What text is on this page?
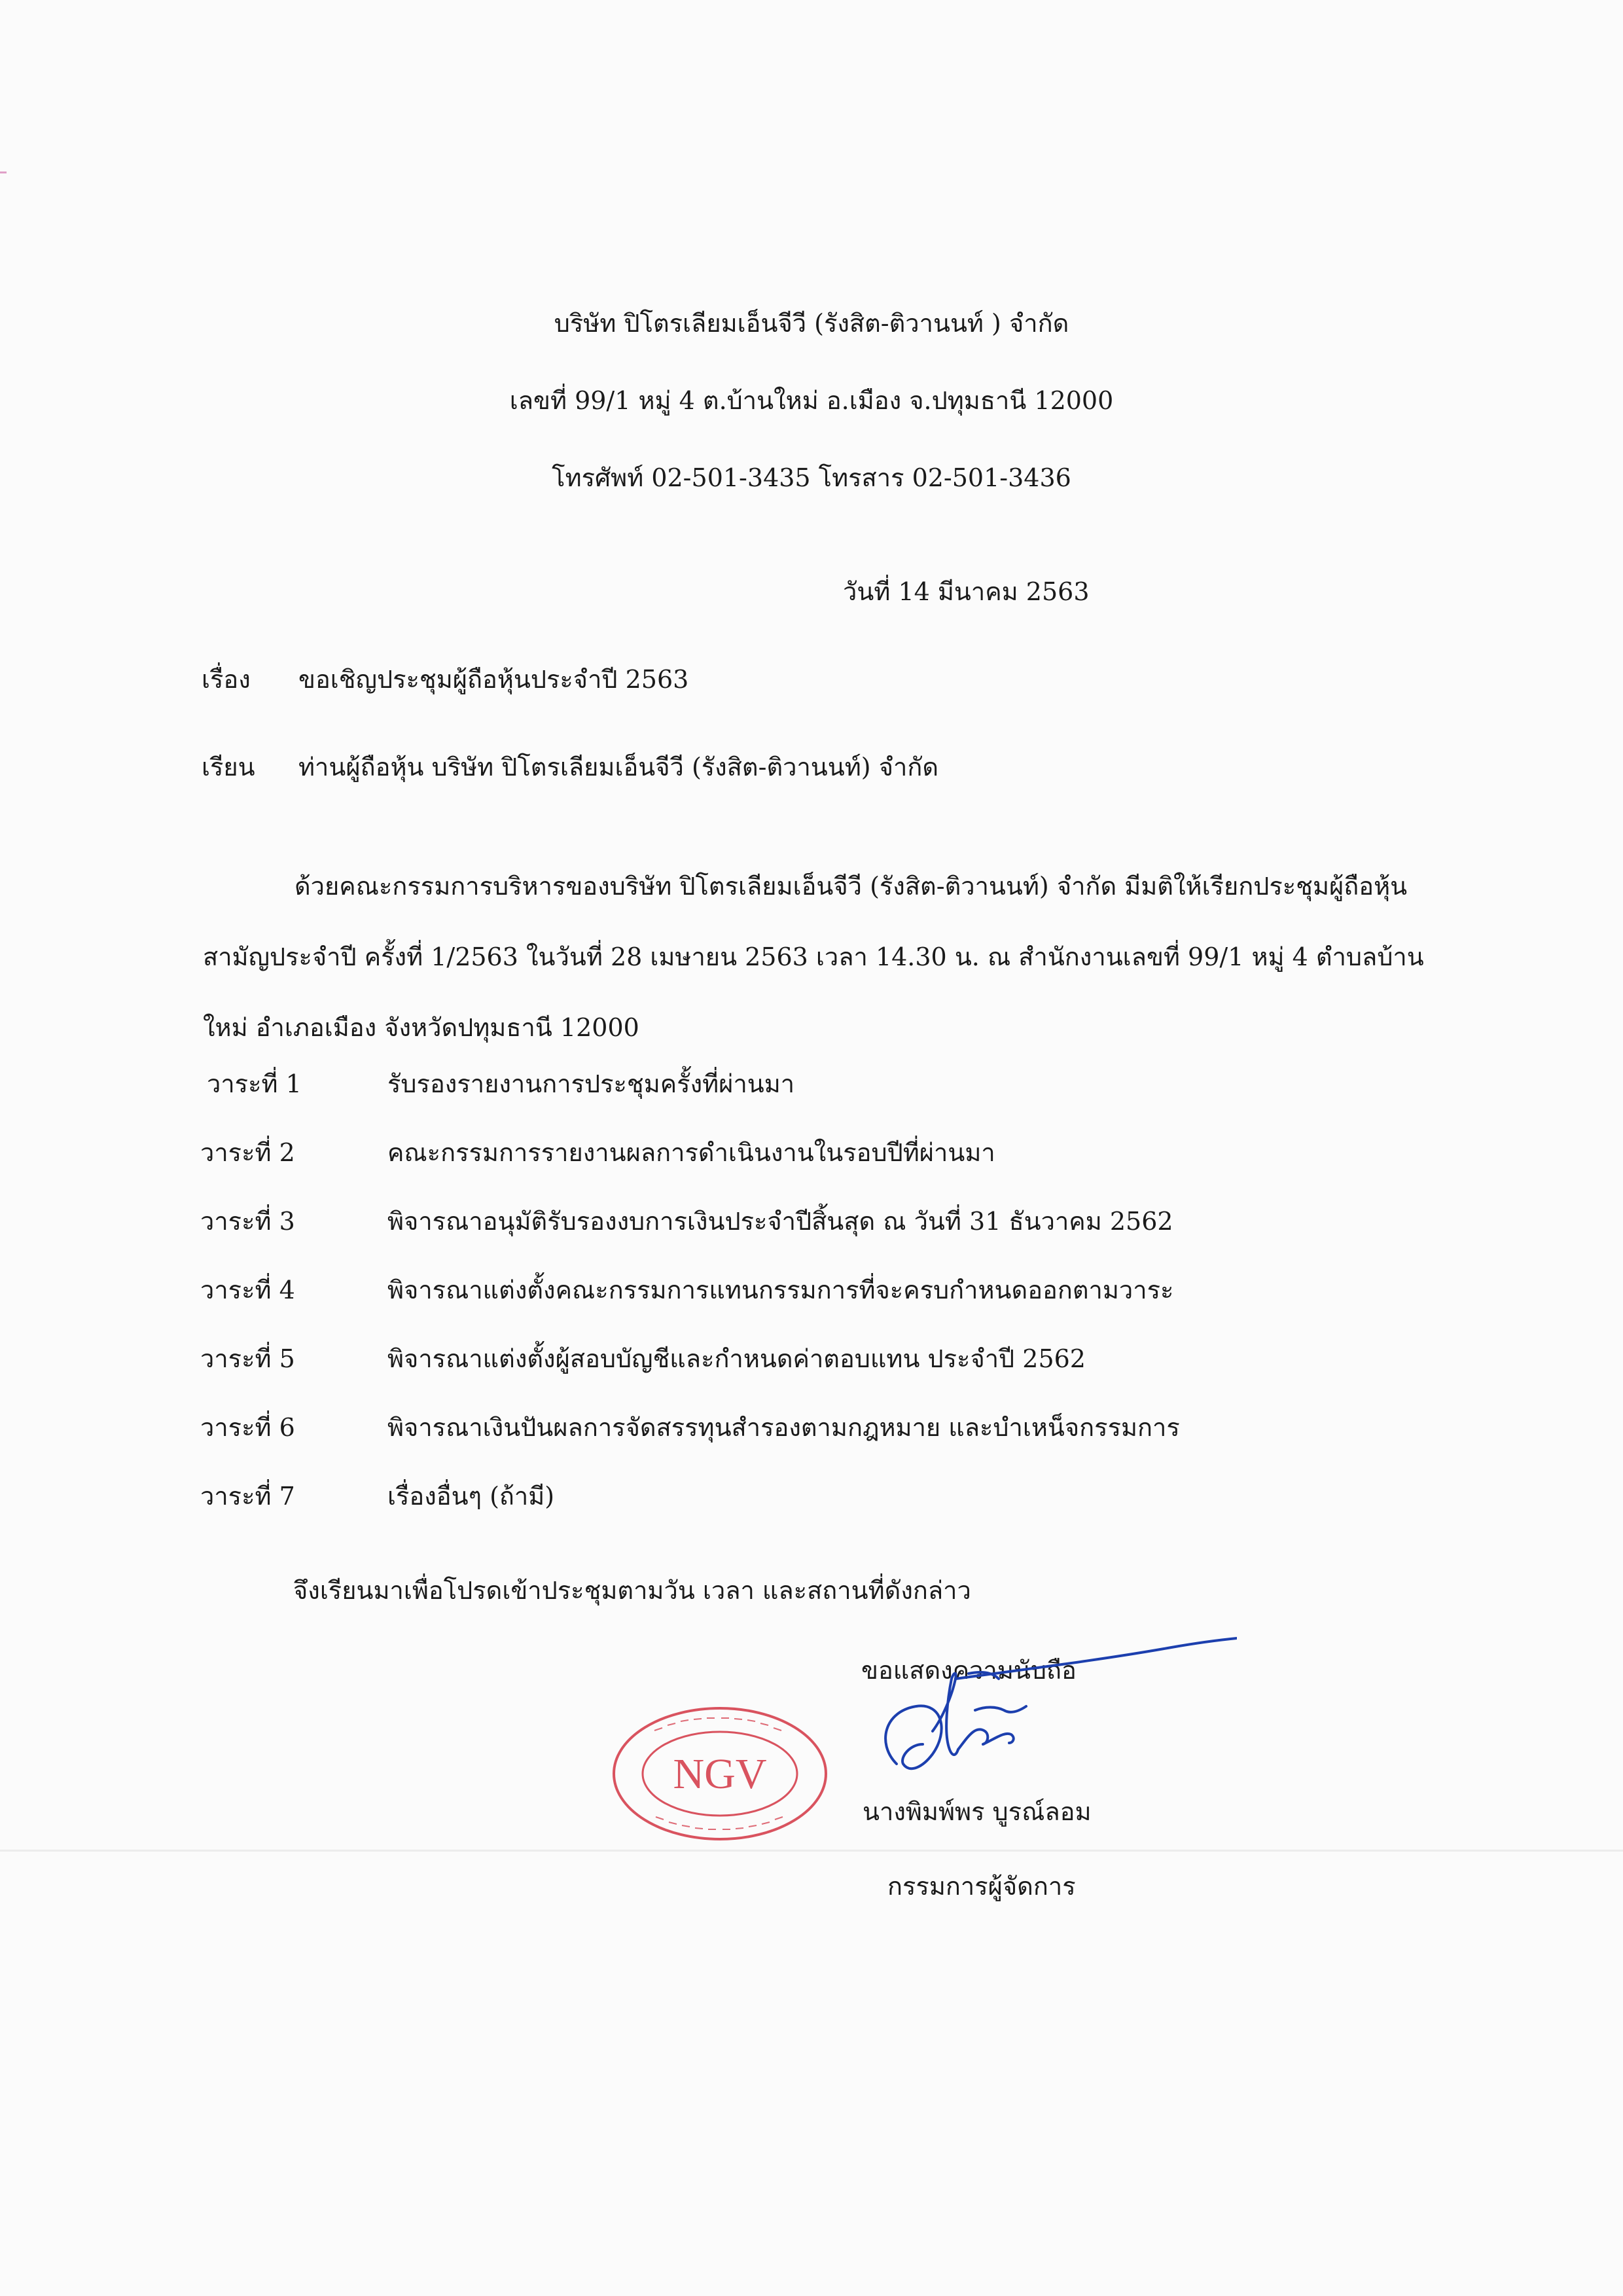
บริษัท ปิโตรเลียมเอ็นจีวี (รังสิต-ติวานนท์ ) จำกัด
เลขที่ 99/1 หมู่ 4 ต.บ้านใหม่ อ.เมือง จ.ปทุมธานี 12000
โทรศัพท์ 02-501-3435 โทรสาร 02-501-3436
วันที่ 14 มีนาคม 2563
เรื่อง ขอเชิญประชุมผู้ถือหุ้นประจำปี 2563
เรียน ท่านผู้ถือหุ้น บริษัท ปิโตรเลียมเอ็นจีวี (รังสิต-ติวานนท์) จำกัด
ด้วยคณะกรรมการบริหารของบริษัท ปิโตรเลียมเอ็นจีวี (รังสิต-ติวานนท์) จำกัด มีมติให้เรียกประชุมผู้ถือหุ้นสามัญประจำปี ครั้งที่ 1/2563 ในวันที่ 28 เมษายน 2563 เวลา 14.30 น. ณ สำนักงานเลขที่ 99/1 หมู่ 4 ตำบลบ้านใหม่ อำเภอเมือง จังหวัดปทุมธานี 12000
วาระที่ 1	รับรองรายงานการประชุมครั้งที่ผ่านมา
วาระที่ 2	คณะกรรมการรายงานผลการดำเนินงานในรอบปีที่ผ่านมา
วาระที่ 3	พิจารณาอนุมัติรับรองงบการเงินประจำปีสิ้นสุด ณ วันที่ 31 ธันวาคม 2562
วาระที่ 4	พิจารณาแต่งตั้งคณะกรรมการแทนกรรมการที่จะครบกำหนดออกตามวาระ
วาระที่ 5	พิจารณาแต่งตั้งผู้สอบบัญชีและกำหนดค่าตอบแทน ประจำปี 2562
วาระที่ 6	พิจารณาเงินปันผลการจัดสรรทุนสำรองตามกฎหมาย และบำเหน็จกรรมการ
วาระที่ 7	เรื่องอื่นๆ (ถ้ามี)
จึงเรียนมาเพื่อโปรดเข้าประชุมตามวัน เวลา และสถานที่ดังกล่าว
ขอแสดงความนับถือ
NGV
นางพิมพ์พร บูรณ์ลอม
กรรมการผู้จัดการ
